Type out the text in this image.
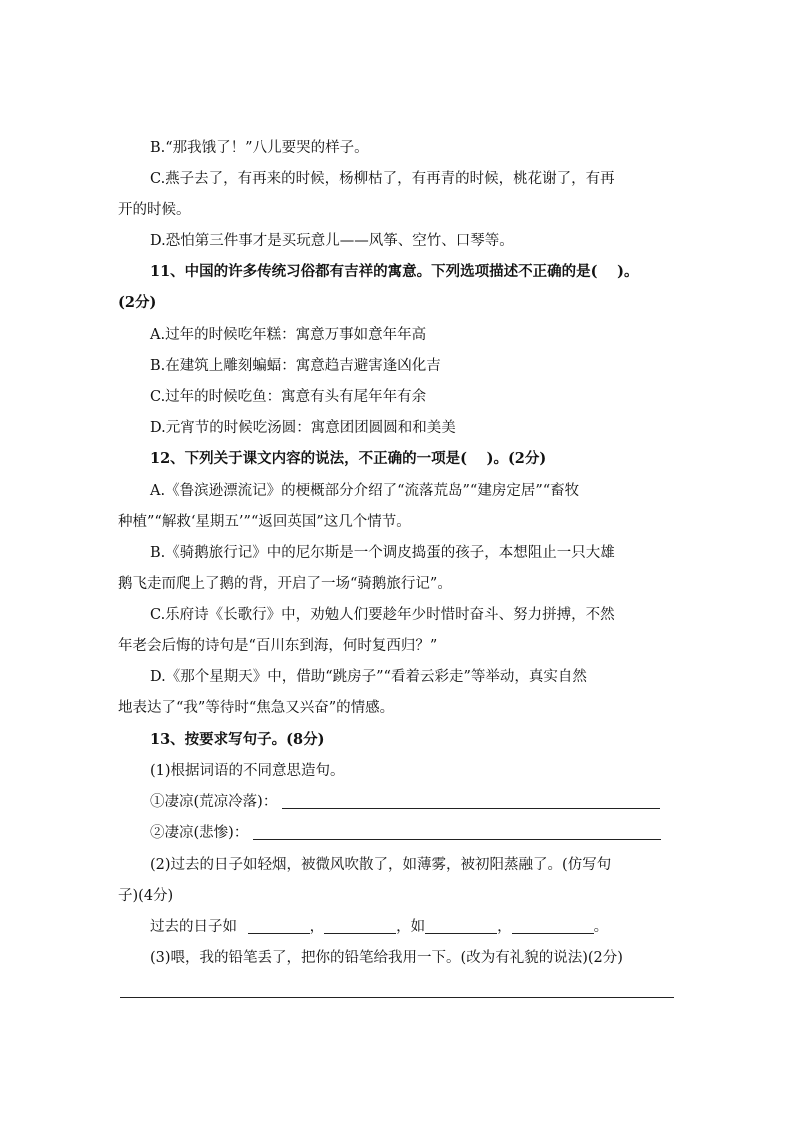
B.“那我饿了！”八儿要哭的样子。
C.燕子去了，有再来的时候，杨柳枯了，有再青的时候，桃花谢了，有再
开的时候。
D.恐怕第三件事才是买玩意儿——风筝、空竹、口琴等。
11、中国的许多传统习俗都有吉祥的寓意。下列选项描述不正确的是(　 )。
(2分)
A.过年的时候吃年糕：寓意万事如意年年高
B.在建筑上雕刻蝙蝠：寓意趋吉避害逢凶化吉
C.过年的时候吃鱼：寓意有头有尾年年有余
D.元宵节的时候吃汤圆：寓意团团圆圆和和美美
12、下列关于课文内容的说法，不正确的一项是(　 )。(2分)
A.《鲁滨逊漂流记》的梗概部分介绍了“流落荒岛”“建房定居”“畜牧
种植”“解救‘星期五’”“返回英国”这几个情节。
B.《骑鹅旅行记》中的尼尔斯是一个调皮捣蛋的孩子，本想阻止一只大雄
鹅飞走而爬上了鹅的背，开启了一场“骑鹅旅行记”。
C.乐府诗《长歌行》中，劝勉人们要趁年少时惜时奋斗、努力拼搏，不然
年老会后悔的诗句是“百川东到海，何时复西归？”
D.《那个星期天》中，借助“跳房子”“看着云彩走”等举动，真实自然
地表达了“我”等待时“焦急又兴奋”的情感。
13、按要求写句子。(8分)
(1)根据词语的不同意思造句。
①凄凉(荒凉冷落)：
②凄凉(悲惨)：
(2)过去的日子如轻烟，被微风吹散了，如薄雾，被初阳蒸融了。(仿写句
子)(4分)
过去的日子如	，	，如	，	。
(3)喂，我的铅笔丢了，把你的铅笔给我用一下。(改为有礼貌的说法)(2分)
